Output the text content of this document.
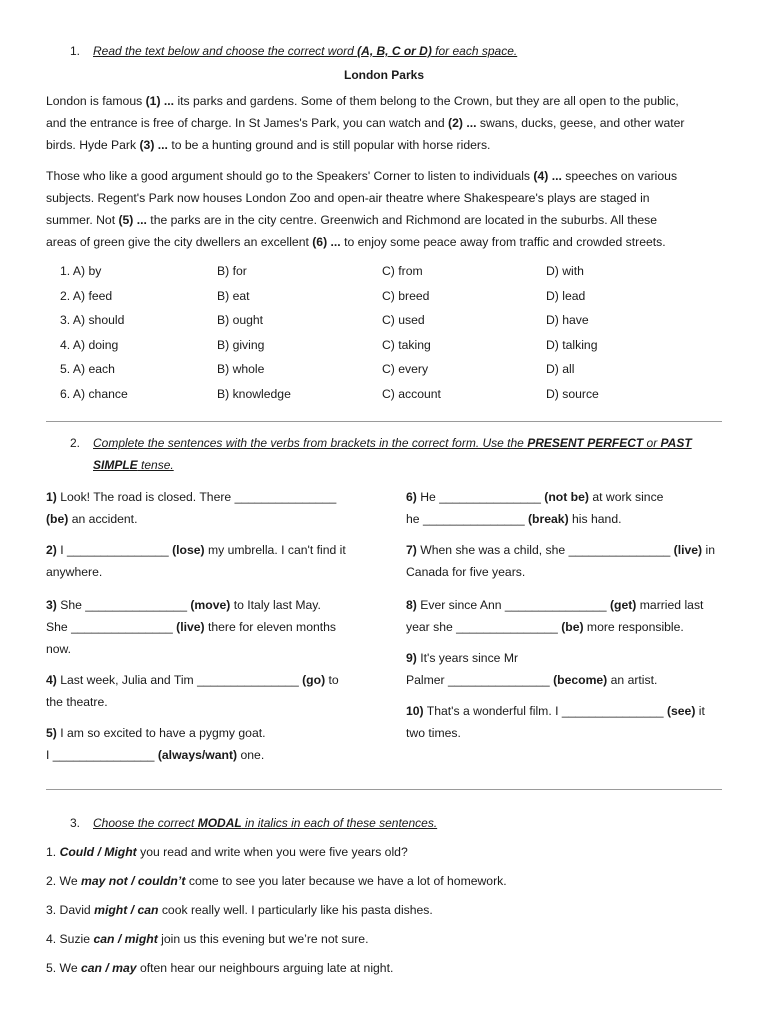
1. Read the text below and choose the correct word (A, B, C or D) for each space.
London Parks
London is famous (1) ... its parks and gardens. Some of them belong to the Crown, but they are all open to the public,
and the entrance is free of charge. In St James's Park, you can watch and (2) ... swans, ducks, geese, and other water
birds. Hyde Park (3) ... to be a hunting ground and is still popular with horse riders.
Those who like a good argument should go to the Speakers' Corner to listen to individuals (4) ... speeches on various
subjects. Regent's Park now houses London Zoo and open-air theatre where Shakespeare's plays are staged in
summer. Not (5) ... the parks are in the city centre. Greenwich and Richmond are located in the suburbs. All these
areas of green give the city dwellers an excellent (6) ... to enjoy some peace away from traffic and crowded streets.
1. A) by	B) for	C) from	D) with
2. A) feed	B) eat	C) breed	D) lead
3. A) should	B) ought	C) used	D) have
4. A) doing	B) giving	C) taking	D) talking
5. A) each	B) whole	C) every	D) all
6. A) chance	B) knowledge	C) account	D) source
2. Complete the sentences with the verbs from brackets in the correct form. Use the PRESENT PERFECT or PAST
SIMPLE tense.
1) Look! The road is closed. There _______________
(be) an accident.
2) I _______________ (lose) my umbrella. I can't find it
anywhere.
3) She _______________ (move) to Italy last May.
She _______________ (live) there for eleven months
now.
4) Last week, Julia and Tim _______________ (go) to
the theatre.
5) I am so excited to have a pygmy goat.
I _______________ (always/want) one.
6) He _______________ (not be) at work since
he _______________ (break) his hand.
7) When she was a child, she _______________ (live) in
Canada for five years.
8) Ever since Ann _______________ (get) married last
year she _______________ (be) more responsible.
9) It's years since Mr
Palmer _______________ (become) an artist.
10) That's a wonderful film. I _______________ (see) it
two times.
3. Choose the correct MODAL in italics in each of these sentences.
1. Could / Might you read and write when you were five years old?
2. We may not / couldn’t come to see you later because we have a lot of homework.
3. David might / can cook really well. I particularly like his pasta dishes.
4. Suzie can / might join us this evening but we’re not sure.
5. We can / may often hear our neighbours arguing late at night.
